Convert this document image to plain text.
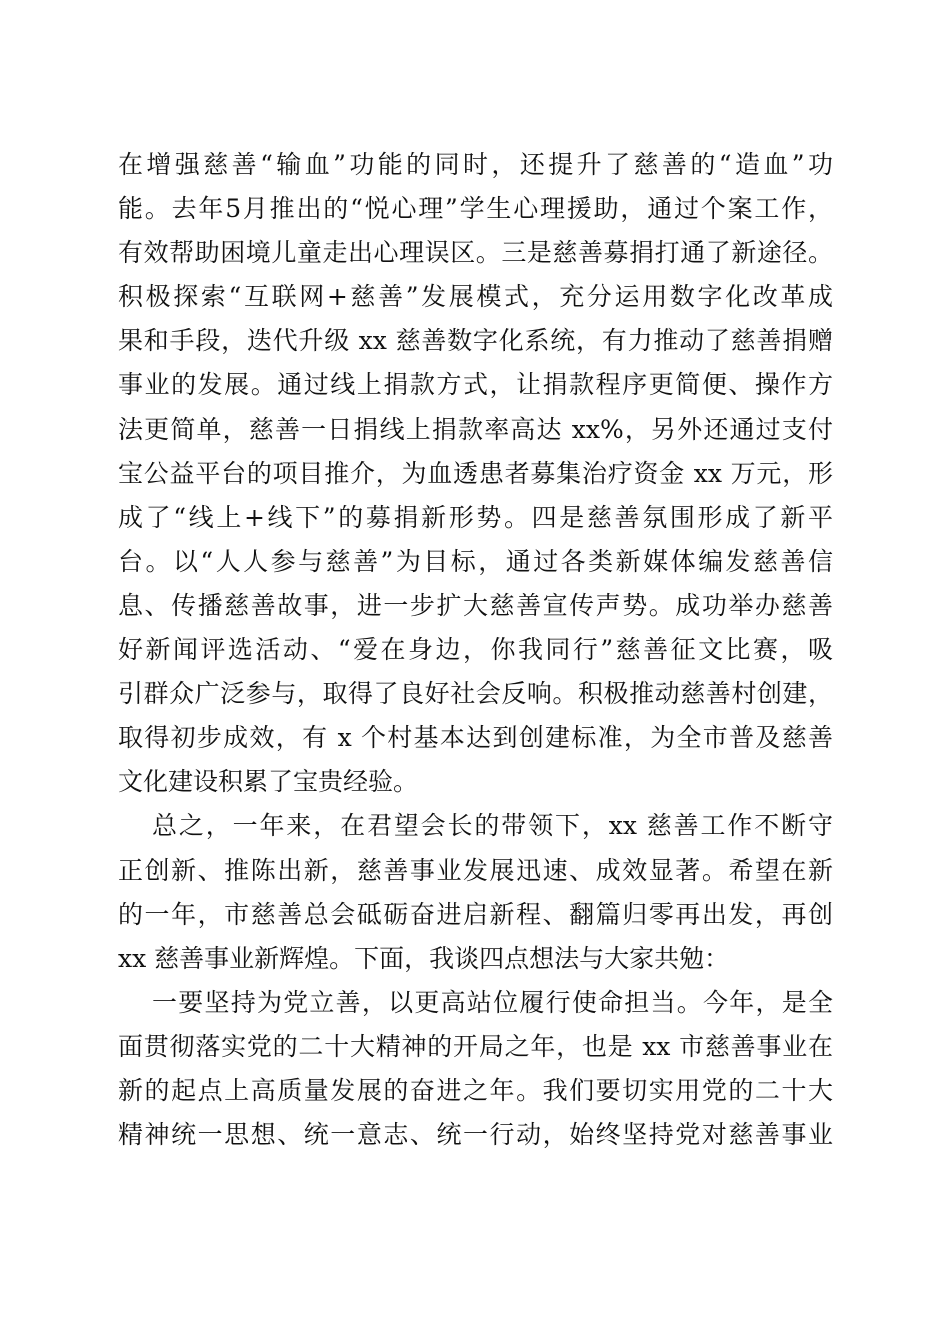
在增强慈善“输血”功能的同时，还提升了慈善的“造血”功
能。去年5月推出的“悦心理”学生心理援助，通过个案工作，
有效帮助困境儿童走出心理误区。三是慈善募捐打通了新途径。
积极探索“互联网+慈善”发展模式，充分运用数字化改革成
果和手段，迭代升级 xx 慈善数字化系统，有力推动了慈善捐赠
事业的发展。通过线上捐款方式，让捐款程序更简便、操作方
法更简单，慈善一日捐线上捐款率高达 xx%，另外还通过支付
宝公益平台的项目推介，为血透患者募集治疗资金 xx 万元，形
成了“线上+线下”的募捐新形势。四是慈善氛围形成了新平
台。以“人人参与慈善”为目标，通过各类新媒体编发慈善信
息、传播慈善故事，进一步扩大慈善宣传声势。成功举办慈善
好新闻评选活动、“爱在身边，你我同行”慈善征文比赛，吸
引群众广泛参与，取得了良好社会反响。积极推动慈善村创建，
取得初步成效，有 x 个村基本达到创建标准，为全市普及慈善
文化建设积累了宝贵经验。
总之，一年来，在君望会长的带领下，xx 慈善工作不断守
正创新、推陈出新，慈善事业发展迅速、成效显著。希望在新
的一年，市慈善总会砥砺奋进启新程、翻篇归零再出发，再创
xx 慈善事业新辉煌。下面，我谈四点想法与大家共勉：
一要坚持为党立善，以更高站位履行使命担当。今年，是全
面贯彻落实党的二十大精神的开局之年，也是 xx 市慈善事业在
新的起点上高质量发展的奋进之年。我们要切实用党的二十大
精神统一思想、统一意志、统一行动，始终坚持党对慈善事业
